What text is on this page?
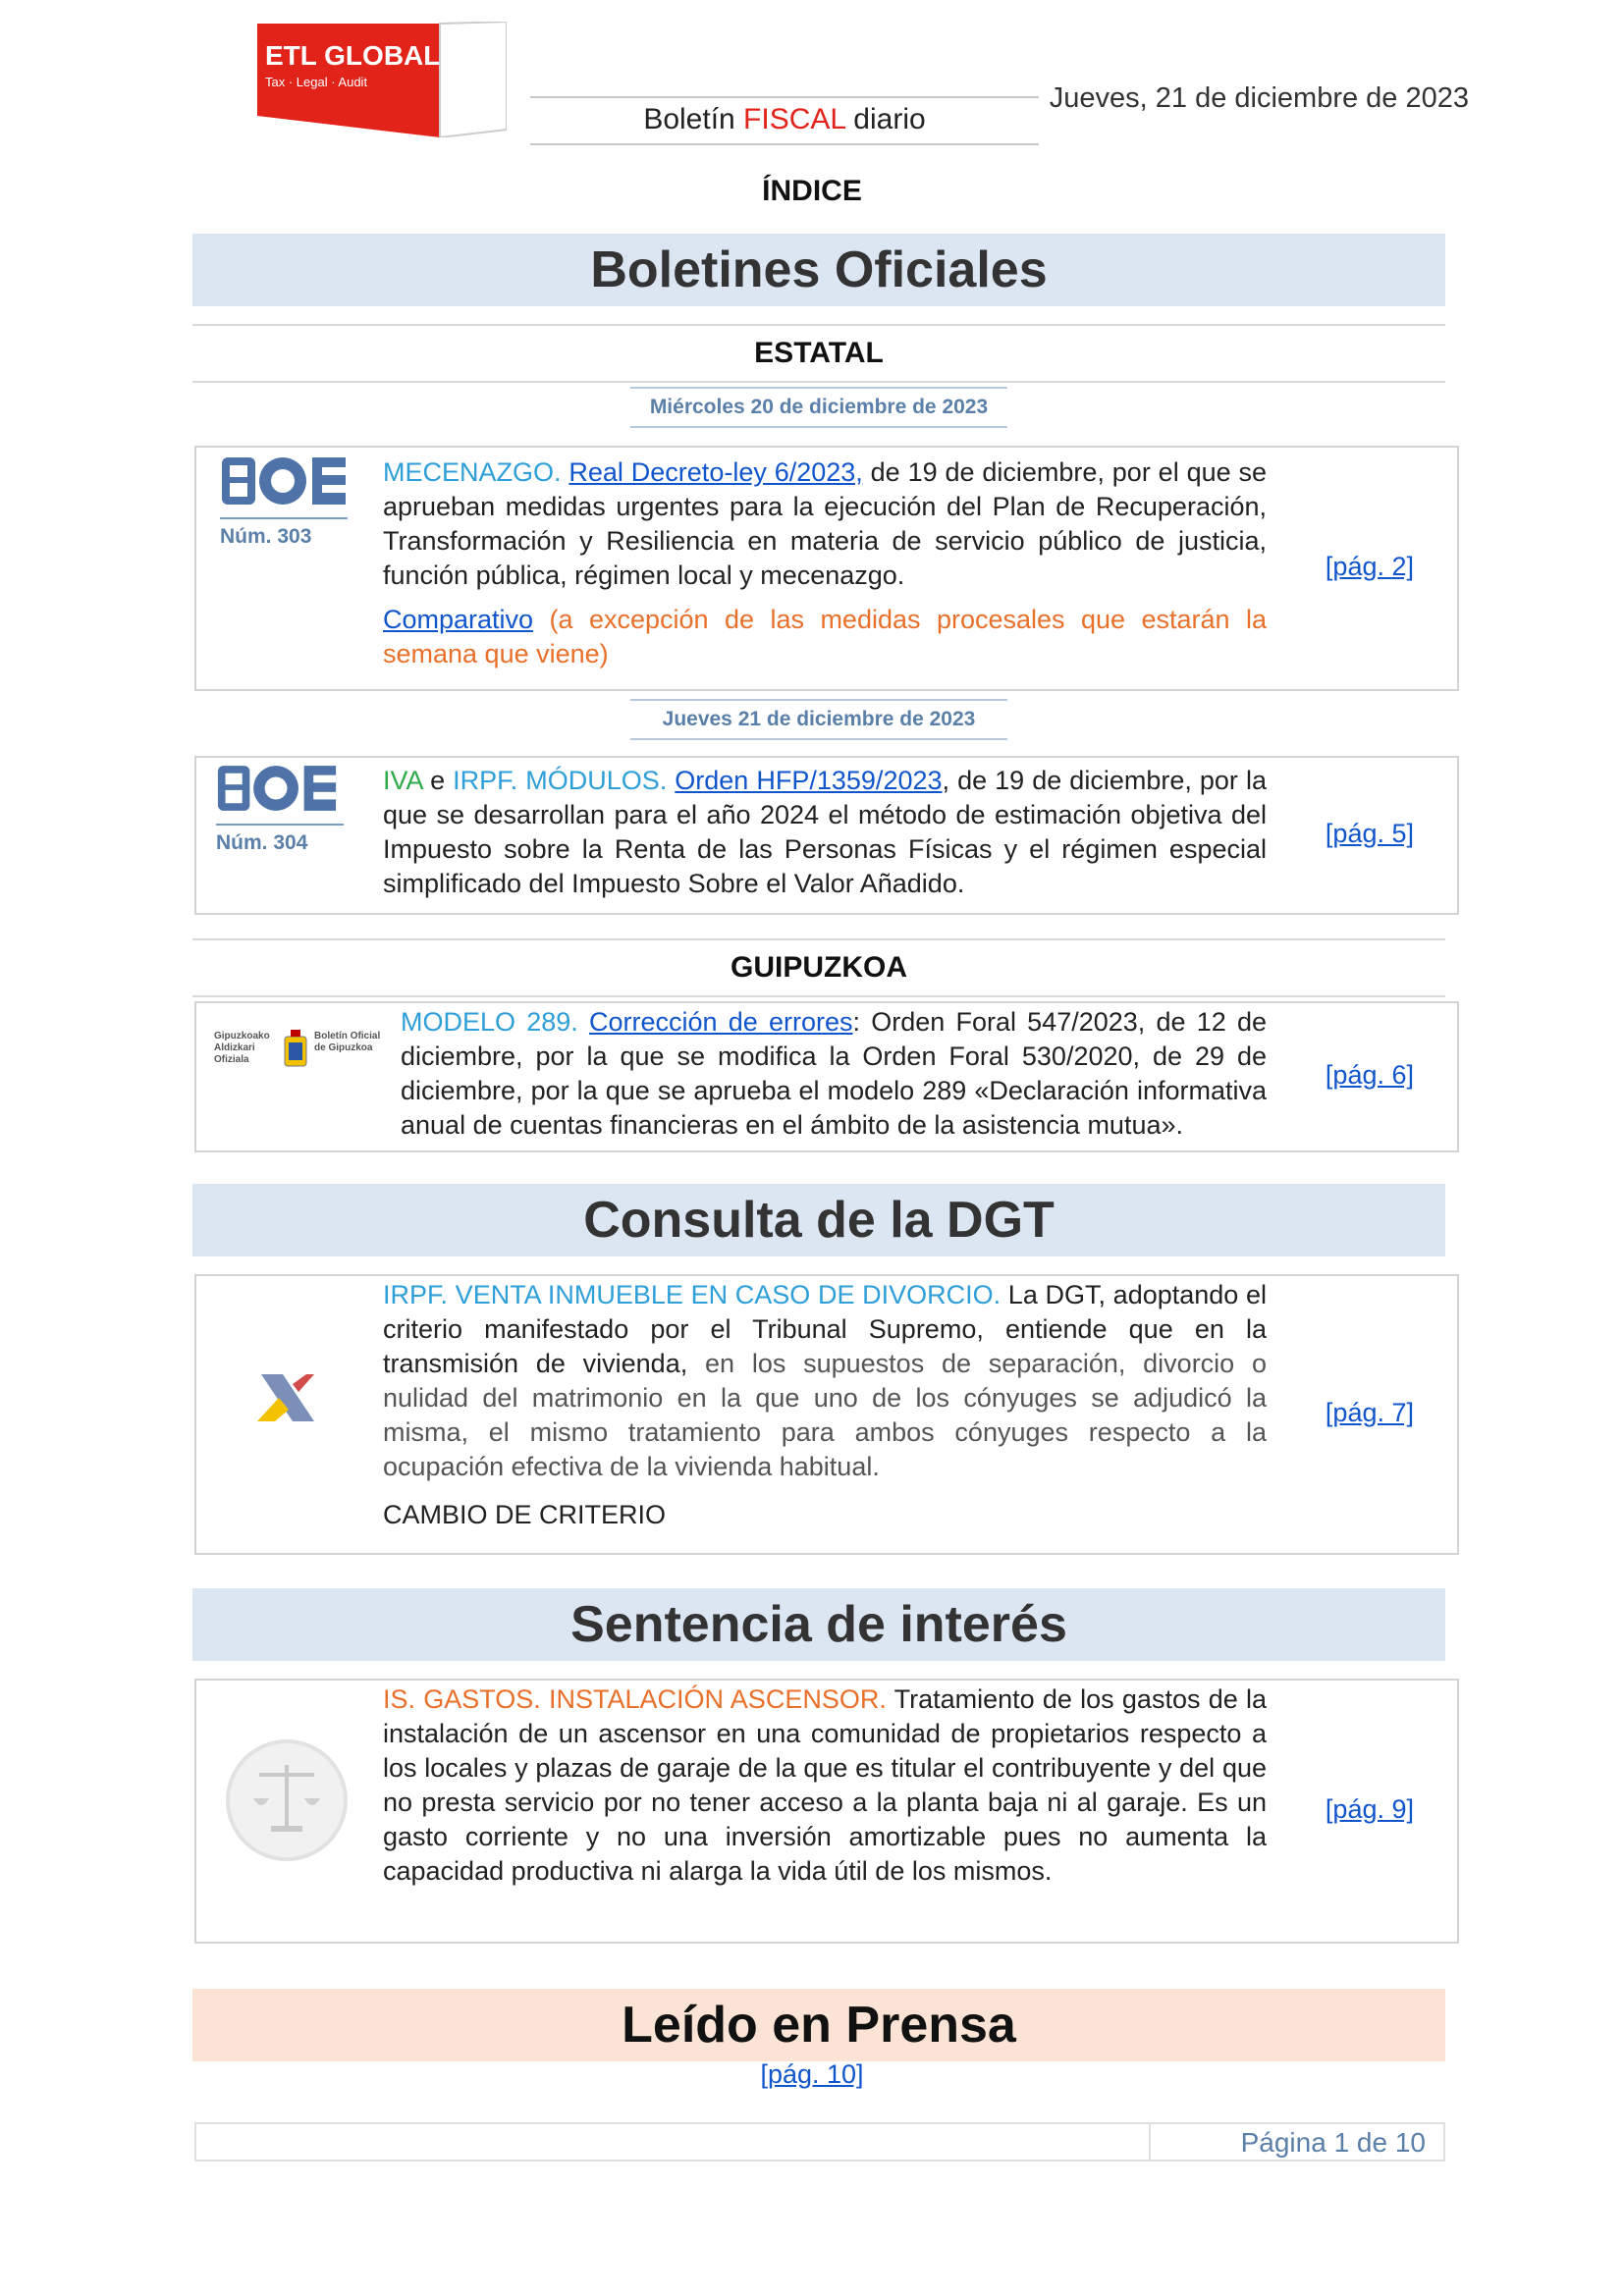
ETL GLOBAL
Tax · Legal · Audit
Boletín FISCAL diario
Jueves, 21 de diciembre de 2023
ÍNDICE
Boletines Oficiales
ESTATAL
Miércoles 20 de diciembre de 2023
Núm. 303
MECENAZGO. Real Decreto-ley 6/2023, de 19 de diciembre, por el que se aprueban medidas urgentes para la ejecución del Plan de Recuperación, Transformación y Resiliencia en materia de servicio público de justicia, función pública, régimen local y mecenazgo.
Comparativo (a excepción de las medidas procesales que estarán la semana que viene)
[pág. 2]
Jueves 21 de diciembre de 2023
Núm. 304
IVA e IRPF. MÓDULOS. Orden HFP/1359/2023, de 19 de diciembre, por la que se desarrollan para el año 2024 el método de estimación objetiva del Impuesto sobre la Renta de las Personas Físicas y el régimen especial simplificado del Impuesto Sobre el Valor Añadido.
[pág. 5]
GUIPUZKOA
Gipuzkoako Aldizkari Ofiziala
Boletín Oficial de Gipuzkoa
MODELO 289. Corrección de errores: Orden Foral 547/2023, de 12 de diciembre, por la que se modifica la Orden Foral 530/2020, de 29 de diciembre, por la que se aprueba el modelo 289 «Declaración informativa anual de cuentas financieras en el ámbito de la asistencia mutua».
[pág. 6]
Consulta de la DGT
IRPF. VENTA INMUEBLE EN CASO DE DIVORCIO. La DGT, adoptando el criterio manifestado por el Tribunal Supremo, entiende que en la transmisión de vivienda, en los supuestos de separación, divorcio o nulidad del matrimonio en la que uno de los cónyuges se adjudicó la misma, el mismo tratamiento para ambos cónyuges respecto a la ocupación efectiva de la vivienda habitual.
CAMBIO DE CRITERIO
[pág. 7]
Sentencia de interés
IS. GASTOS. INSTALACIÓN ASCENSOR. Tratamiento de los gastos de la instalación de un ascensor en una comunidad de propietarios respecto a los locales y plazas de garaje de la que es titular el contribuyente y del que no presta servicio por no tener acceso a la planta baja ni al garaje. Es un gasto corriente y no una inversión amortizable pues no aumenta la capacidad productiva ni alarga la vida útil de los mismos.
[pág. 9]
Leído en Prensa
[pág. 10]
Página 1 de 10
